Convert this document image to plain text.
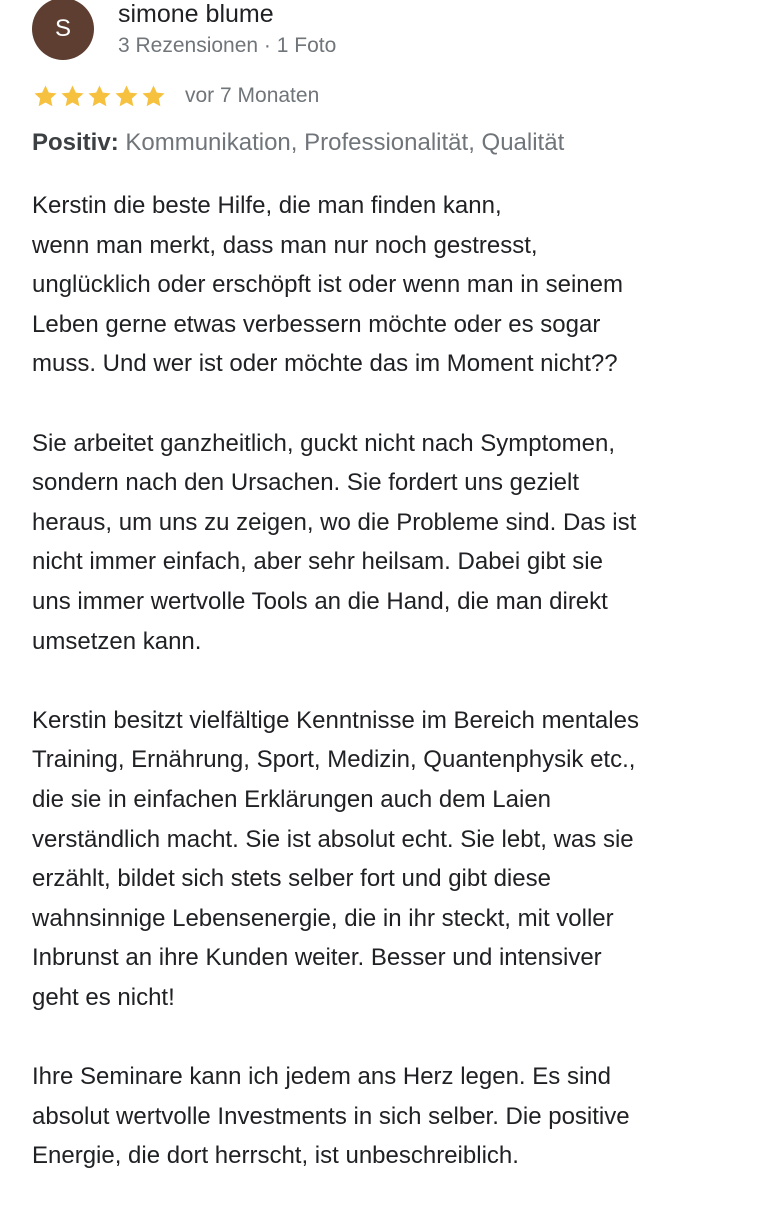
S
simone blume
3 Rezensionen · 1 Foto
vor 7 Monaten
Positiv: Kommunikation, Professionalität, Qualität
Kerstin die beste Hilfe, die man finden kann,
wenn man merkt, dass man nur noch gestresst,
unglücklich oder erschöpft ist oder wenn man in seinem
Leben gerne etwas verbessern möchte oder es sogar
muss. Und wer ist oder möchte das im Moment nicht??
Sie arbeitet ganzheitlich, guckt nicht nach Symptomen,
sondern nach den Ursachen. Sie fordert uns gezielt
heraus, um uns zu zeigen, wo die Probleme sind. Das ist
nicht immer einfach, aber sehr heilsam. Dabei gibt sie
uns immer wertvolle Tools an die Hand, die man direkt
umsetzen kann.
Kerstin besitzt vielfältige Kenntnisse im Bereich mentales
Training, Ernährung, Sport, Medizin, Quantenphysik etc.,
die sie in einfachen Erklärungen auch dem Laien
verständlich macht. Sie ist absolut echt. Sie lebt, was sie
erzählt, bildet sich stets selber fort und gibt diese
wahnsinnige Lebensenergie, die in ihr steckt, mit voller
Inbrunst an ihre Kunden weiter. Besser und intensiver
geht es nicht!
Ihre Seminare kann ich jedem ans Herz legen. Es sind
absolut wertvolle Investments in sich selber. Die positive
Energie, die dort herrscht, ist unbeschreiblich.
